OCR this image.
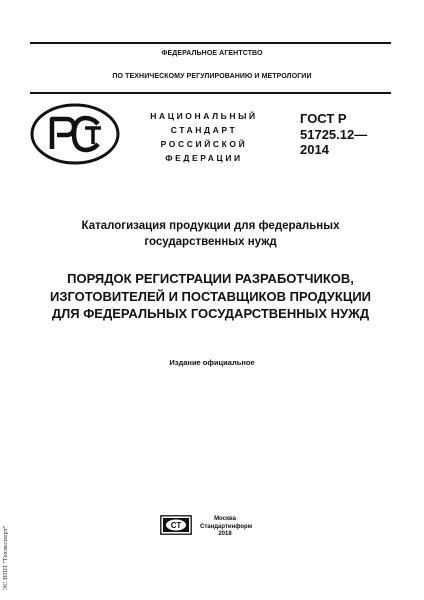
ФЕДЕРАЛЬНОЕ АГЕНТСТВО
ПО ТЕХНИЧЕСКОМУ РЕГУЛИРОВАНИЮ И МЕТРОЛОГИИ
НАЦИОНАЛЬНЫЙ
СТАНДАРТ
РОССИЙСКОЙ
ФЕДЕРАЦИИ
ГОСТ Р
51725.12—
2014
Каталогизация продукции для федеральных
государственных нужд
ПОРЯДОК РЕГИСТРАЦИИ РАЗРАБОТЧИКОВ,
ИЗГОТОВИТЕЛЕЙ И ПОСТАВЩИКОВ ПРОДУКЦИИ
ДЛЯ ФЕДЕРАЛЬНЫХ ГОСУДАРСТВЕННЫХ НУЖД
Издание официальное
СТ
Москва
Стандартинформ
2018
ЭС НПП "Техэксперт"
